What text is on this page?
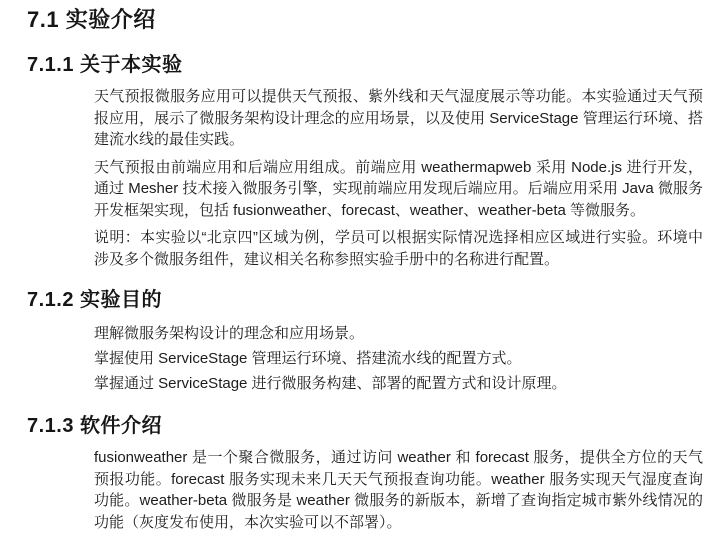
7.1 实验介绍
7.1.1 关于本实验

天气预报微服务应用可以提供天气预报、紫外线和天气湿度展示等功能。本实验通过天气预报应用，展示了微服务架构设计理念的应用场景，以及使用 ServiceStage 管理运行环境、搭建流水线的最佳实践。

天气预报由前端应用和后端应用组成。前端应用 weathermapweb 采用 Node.js 进行开发，通过 Mesher 技术接入微服务引擎，实现前端应用发现后端应用。后端应用采用 Java 微服务开发框架实现，包括 fusionweather、forecast、weather、weather-beta 等微服务。

说明：本实验以“北京四”区域为例，学员可以根据实际情况选择相应区域进行实验。环境中涉及多个微服务组件，建议相关名称参照实验手册中的名称进行配置。

7.1.2 实验目的

理解微服务架构设计的理念和应用场景。

掌握使用 ServiceStage 管理运行环境、搭建流水线的配置方式。

掌握通过 ServiceStage 进行微服务构建、部署的配置方式和设计原理。

7.1.3 软件介绍

fusionweather 是一个聚合微服务，通过访问 weather 和 forecast 服务，提供全方位的天气预报功能。forecast 服务实现未来几天天气预报查询功能。weather 服务实现天气湿度查询功能。weather-beta 微服务是 weather 微服务的新版本，新增了查询指定城市紫外线情况的功能（灰度发布使用，本次实验可以不部署）。
